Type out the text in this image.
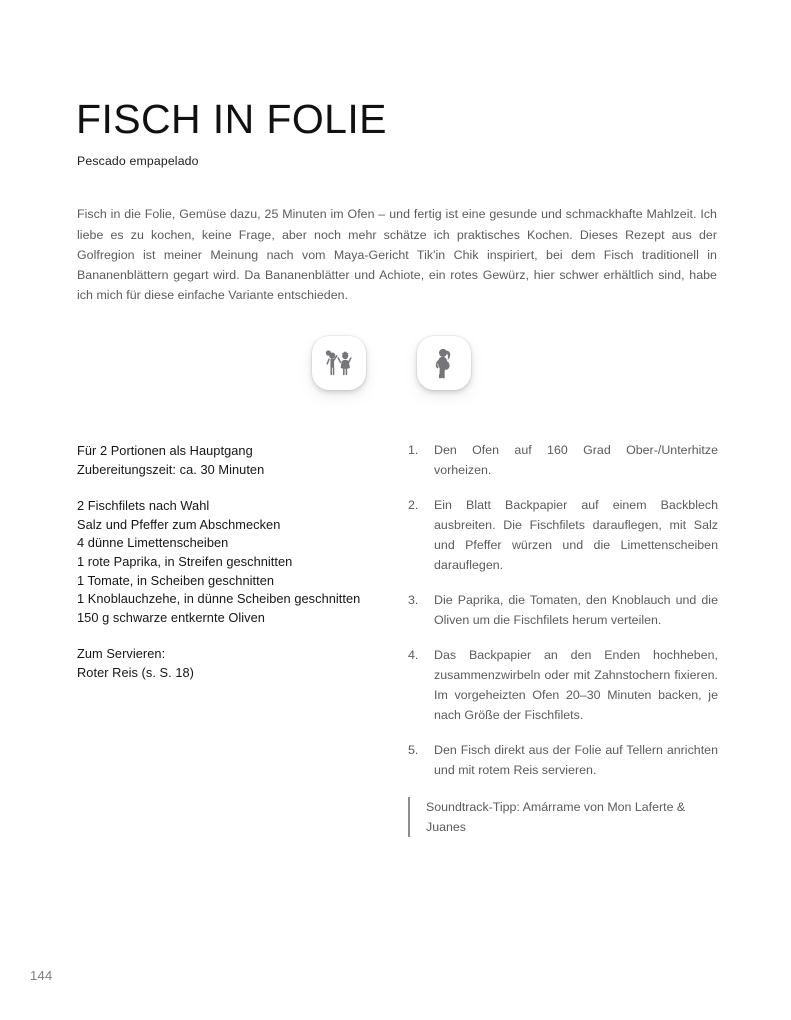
FISCH IN FOLIE
Pescado empapelado

Fisch in die Folie, Gemüse dazu, 25 Minuten im Ofen – und fertig ist eine gesunde und schmackhafte Mahlzeit. Ich liebe es zu kochen, keine Frage, aber noch mehr schätze ich praktisches Kochen. Dieses Rezept aus der Golfregion ist meiner Meinung nach vom Maya-Gericht Tik'in Chik inspiriert, bei dem Fisch traditionell in Bananenblättern gegart wird. Da Bananenblätter und Achiote, ein rotes Gewürz, hier schwer erhältlich sind, habe ich mich für diese einfache Variante entschieden.

Für 2 Portionen als Hauptgang
Zubereitungszeit: ca. 30 Minuten
2 Fischfilets nach Wahl
Salz und Pfeffer zum Abschmecken
4 dünne Limettenscheiben
1 rote Paprika, in Streifen geschnitten
1 Tomate, in Scheiben geschnitten
1 Knoblauchzehe, in dünne Scheiben geschnitten
150 g schwarze entkernte Oliven
Zum Servieren:
Roter Reis (s. S. 18)
1.	Den Ofen auf 160 Grad Ober-/Unterhitze vorheizen.
2.	Ein Blatt Backpapier auf einem Backblech ausbreiten. Die Fischfilets darauflegen, mit Salz und Pfeffer würzen und die Limettenscheiben darauflegen.
3.	Die Paprika, die Tomaten, den Knoblauch und die Oliven um die Fischfilets herum verteilen.
4.	Das Backpapier an den Enden hochheben, zusammenzwirbeln oder mit Zahnstochern fixieren. Im vorgeheizten Ofen 20–30 Minuten backen, je nach Größe der Fischfilets.
5.	Den Fisch direkt aus der Folie auf Tellern anrichten und mit rotem Reis servieren.
Soundtrack-Tipp: Amárrame von Mon Laferte & Juanes
144
